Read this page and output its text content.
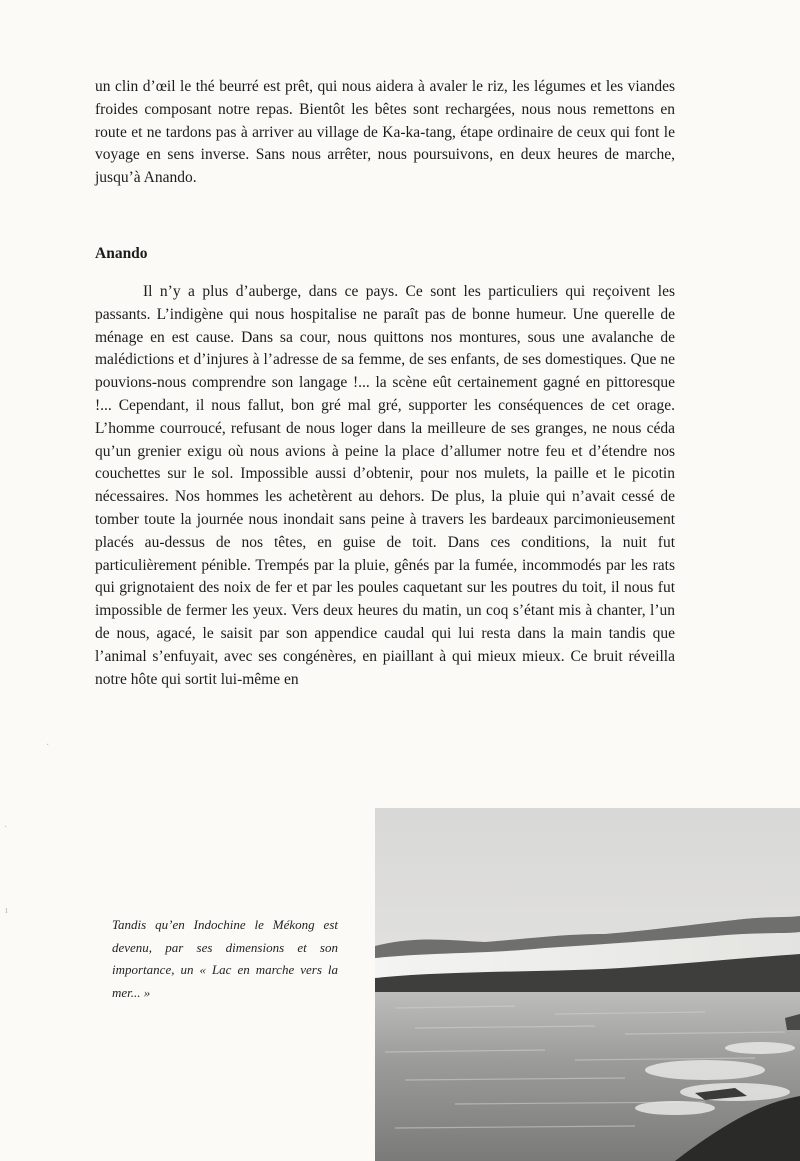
un clin d’œil le thé beurré est prêt, qui nous aidera à avaler le riz, les légumes et les viandes froides composant notre repas. Bientôt les bêtes sont rechargées, nous nous remettons en route et ne tardons pas à arriver au village de Ka-ka-tang, étape ordinaire de ceux qui font le voyage en sens inverse. Sans nous arrêter, nous poursuivons, en deux heures de marche, jusqu’à Anando.

Anando

Il n’y a plus d’auberge, dans ce pays. Ce sont les particuliers qui reçoivent les passants. L’indigène qui nous hospitalise ne paraît pas de bonne humeur. Une querelle de ménage en est cause. Dans sa cour, nous quittons nos montures, sous une avalanche de malédictions et d’injures à l’adresse de sa femme, de ses enfants, de ses domestiques. Que ne pouvions-nous comprendre son langage !... la scène eût certainement gagné en pittoresque !... Cependant, il nous fallut, bon gré mal gré, supporter les conséquences de cet orage. L’homme courroucé, refusant de nous loger dans la meilleure de ses granges, ne nous céda qu’un grenier exigu où nous avions à peine la place d’allumer notre feu et d’étendre nos couchettes sur le sol. Impossible aussi d’obtenir, pour nos mulets, la paille et le picotin nécessaires. Nos hommes les achetèrent au dehors. De plus, la pluie qui n’avait cessé de tomber toute la journée nous inondait sans peine à travers les bardeaux parcimonieusement placés au-dessus de nos têtes, en guise de toit. Dans ces conditions, la nuit fut particulièrement pénible. Trempés par la pluie, gênés par la fumée, incommodés par les rats qui grignotaient des noix de fer et par les poules caquetant sur les poutres du toit, il nous fut impossible de fermer les yeux. Vers deux heures du matin, un coq s’étant mis à chanter, l’un de nous, agacé, le saisit par son appendice caudal qui lui resta dans la main tandis que l’animal s’enfuyait, avec ses congénères, en piaillant à qui mieux mieux. Ce bruit réveilla notre hôte qui sortit lui-même en

·
·
ı

Tandis qu’en Indochine le Mékong est devenu, par ses dimensions et son importance, un « Lac en marche vers la mer... »
